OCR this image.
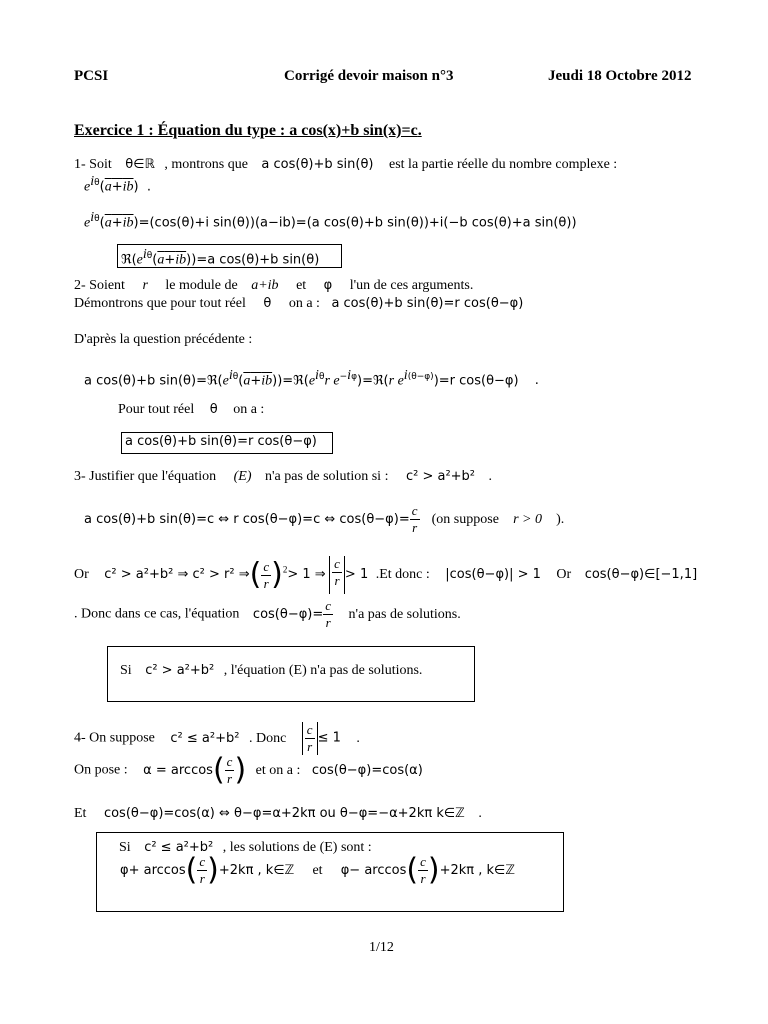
PCSI	Corrigé devoir maison n°3	Jeudi 18 Octobre 2012
Exercice 1 : Équation du type : a cos(x)+b sin(x)=c.
1- Soit θ∈ℝ , montrons que a cos(θ)+b sin(θ) est la partie réelle du nombre complexe :
$e^{i\theta}(a+ib)$  .
$e^{i\theta}(a+ib)=(\cos(\theta)+i$ sin(θ))(a−ib)=(a cos(θ)+b sin(θ))+i(−b cos(θ)+a sin(θ))
$ℜ(e^{i\theta}(a+ib))=a$ cos(θ)+b sin(θ)
2- Soient r le module de a+ib et φ l'un de ces arguments.
Démontrons que pour tout réel θ on a : a cos(θ)+b sin(θ)=r cos(θ−φ)
D'après la question précédente :
a cos(θ)+b $\sin(\theta)=ℜ(e^{i\theta}(a+ib))=ℜ(e^{i\theta}r$ $e^{-i\varphi})=ℜ(r$ $e^{i(\theta-\varphi)})=r$ cos(θ−φ) .
Pour tout réel θ on a :
a cos(θ)+b sin(θ)=r cos(θ−φ)
3- Justifier que l'équation (E) n'a pas de solution si : c² > a²+b² .
a cos(θ)+b sin(θ)=c ⇔ r cos(θ−φ)=c ⇔ $\cos(\theta-\varphi)= \frac{c}{r} (on$ suppose r > 0 ).
Or c² > a²+b² ⇒ c² > r² ⇒( $\frac{c}{r} )^2> 1$ ⇒ $\frac{c}{r} > 1$ .Et donc : |cos(θ−φ)| > 1 Or cos(θ−φ)∈[−1,1]
. Donc dans ce cas, l'équation $\cos(\theta-\varphi)= \frac{c}{r} n'a$ pas de solutions.
Si c² > a²+b² , l'équation (E) n'a pas de solutions.
4- On suppose c² ≤ a²+b² . Donc $\frac{c}{r} \le 1$ .
On pose : $\alpha = \arccos( \frac{c}{r}$ ) et on a : cos(θ−φ)=cos(α)
Et cos(θ−φ)=cos(α) ⇔ θ−φ=α+2kπ ou θ−φ=−α+2kπ k∈ℤ .
Si c² ≤ a²+b² , les solutions de (E) sont :
$\varphi+ \arccos( \frac{c}{r} )+2k\pi$ , k∈ℤ et $\varphi- \arccos( \frac{c}{r} )+2k\pi$ , k∈ℤ
1/12
